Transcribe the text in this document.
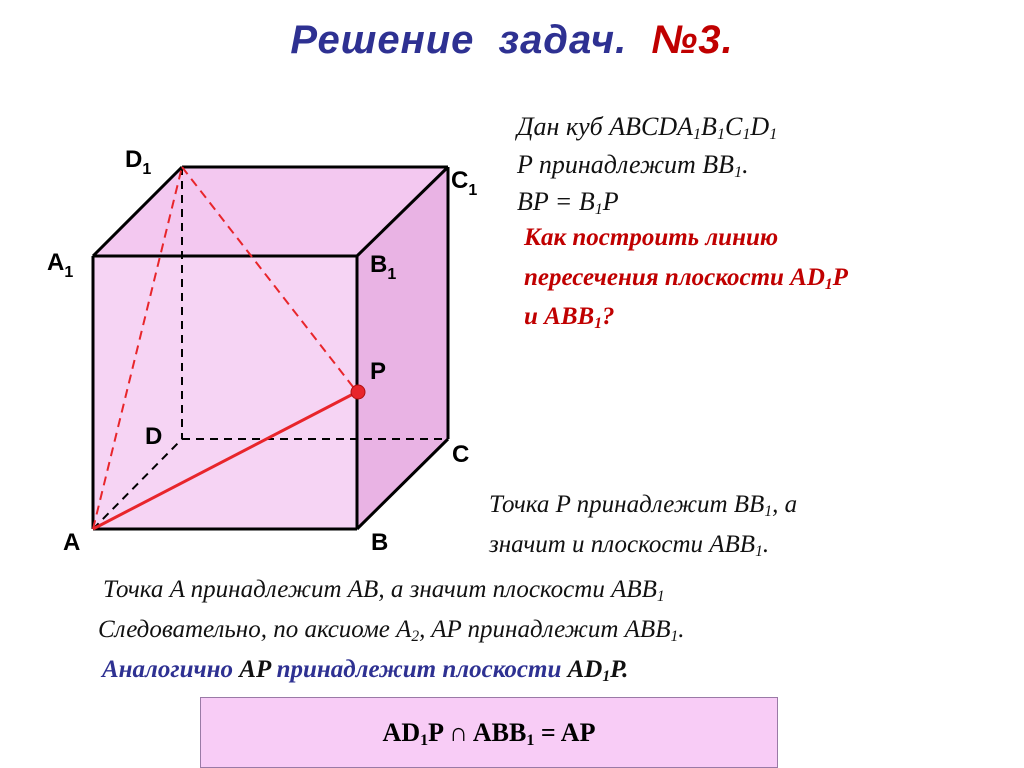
Решение  задач.  №3.
A	B
C
D
P
$A_1$	$B_1$
$C_1$
$D_1$
Дан куб $ABCDA_1B_1C_1D_1$
P принадлежит $BB_1$.
BP = $B_1P$
Как построить линию
пересечения плоскости $AD_1P$
и $ABB_1$?
Точка P принадлежит $BB_1$, а
значит и плоскости $ABB_1$.
Точка A принадлежит AB, а значит плоскости $ABB_1$
Следовательно, по аксиоме $A_2$, AP принадлежит $ABB_1$.
Аналогично AP принадлежит плоскости $AD_1P$.
$AD_1P$ ∩ $ABB_1$ = AP
